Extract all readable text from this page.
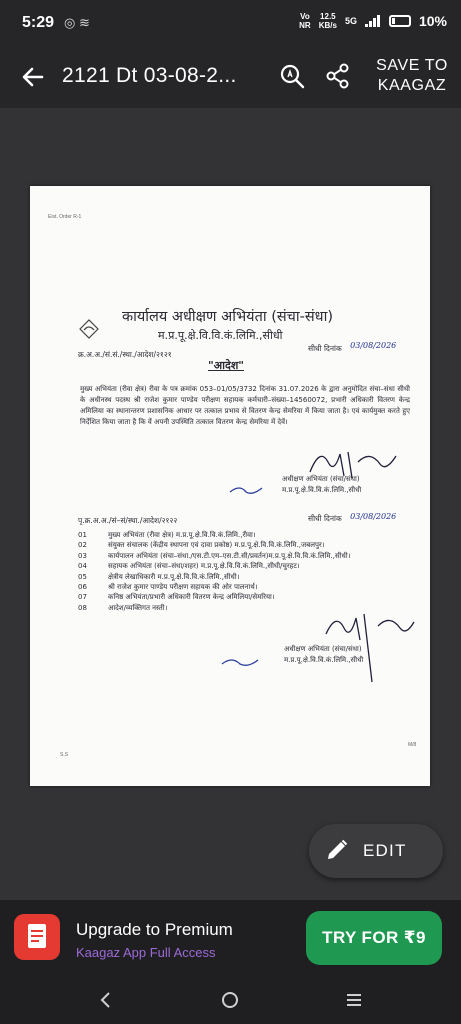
5:29 ◎ ≋	Vo
NR
12.5
KB/s 5G	10%
2121 Dt 03-08-2...	SAVE TO
KAAGAZ
Eist. Order R-1
कार्यालय अधीक्षण अभियंता (संचा-संधा)
म.प्र.पू.क्षे.वि.वि.कं.लिमि.,सीधी
क्र.अ.अ./सं.सं./स्था./आदेश/२१२१
सीधी दिनांक 03/08/2026
"आदेश"
मुख्य अभियंता (रीवा क्षेत्र) रीवा के पत्र क्रमांक 053–01/05/3732 दिनांक 31.07.2026 के द्वारा अनुमोदित संचा–संधा सीधी के अधीनस्थ पदस्थ श्री राजेश कुमार पाण्डेय परीक्षण सहायक कर्मचारी–संख्या–14560072, प्रभारी अधिकारी वितरण केन्द्र अमिलिया का स्थानान्तरण प्रशासनिक आधार पर तत्काल प्रभाव से वितरण केन्द्र सेमरिया में किया जाता है। एवं कार्यमुक्त करते हुए निर्देशित किया जाता है कि वें अपनी उपस्थिति तत्काल वितरण केन्द्र सेमरिया में देवें।
अधीक्षण अभियंता (संचा/संधा)
म.प्र.पू.क्षे.वि.वि.कं.लिमि.,सीधी
पृ.क्र.अ.अ./सं–सं/स्था./आदेश/२१२२	सीधी दिनांक 03/08/2026
01	मुख्य अभियंता (रीवा क्षेत्र) म.प्र.पू.क्षे.वि.वि.कं.लिमि.,रीवा।
02	संयुक्त संचालक (केंद्रीय स्थापना एवं दावा प्रकोष्ठ) म.प्र.पू.क्षे.वि.वि.कं.लिमि.,जबलपुर।
03	कार्यपालन अभियंता (संचा–संधा./एस.टी.एम–एस.टी.सी/प्रवर्तन)म.प्र.पू.क्षे.वि.वि.कं.लिमि.,सीधी।
04	सहायक अभियंता (संचा–संधा/शहर) म.प्र.पू.क्षे.वि.वि.कं.लिमि.,सीधी/चुरहट।
05	क्षेत्रीय लेखाधिकारी म.प्र.पू.क्षे.वि.वि.कं.लिमि.,सीधी।
06	श्री राजेश कुमार पाण्डेय परीक्षण सहायक की ओर पालनार्थ।
07	कनिष्ठ अभियंता/प्रभारी अधिकारी वितरण केन्द्र अमिलिया/सेमरिया।
08	आदेश/व्यक्तिगत नस्ती।
अधीक्षण अभियंता (संचा/संधा)
म.प्र.पू.क्षे.वि.वि.कं.लिमि.,सीधी
S.S
M/8
EDIT
Upgrade to Premium
Kaagaz App Full Access
TRY FOR ₹9
